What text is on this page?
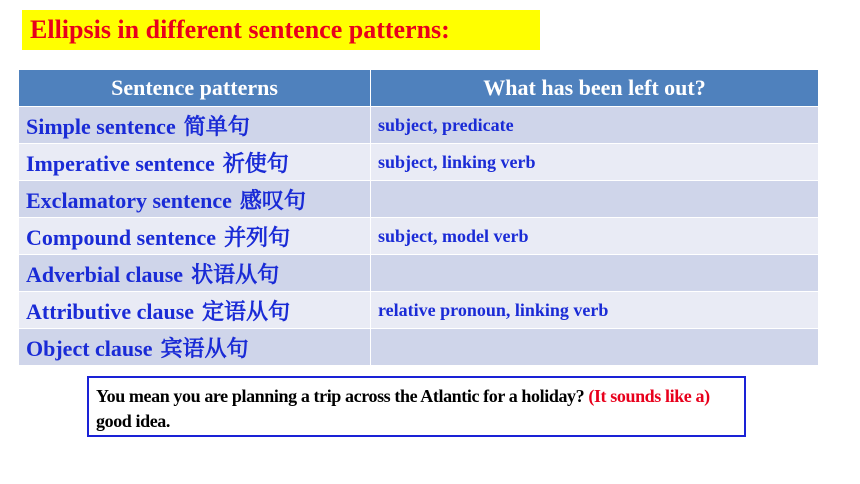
Ellipsis in different sentence patterns:
Sentence patterns	What has been left out?
Simple sentence 简单句	subject, predicate
Imperative sentence 祈使句	subject, linking verb
Exclamatory sentence 感叹句	
Compound sentence 并列句	subject, model verb
Adverbial clause 状语从句	
Attributive clause 定语从句	relative pronoun, linking verb
Object clause 宾语从句	
You mean you are planning a trip across the Atlantic for a holiday? (It sounds like a) good idea.
